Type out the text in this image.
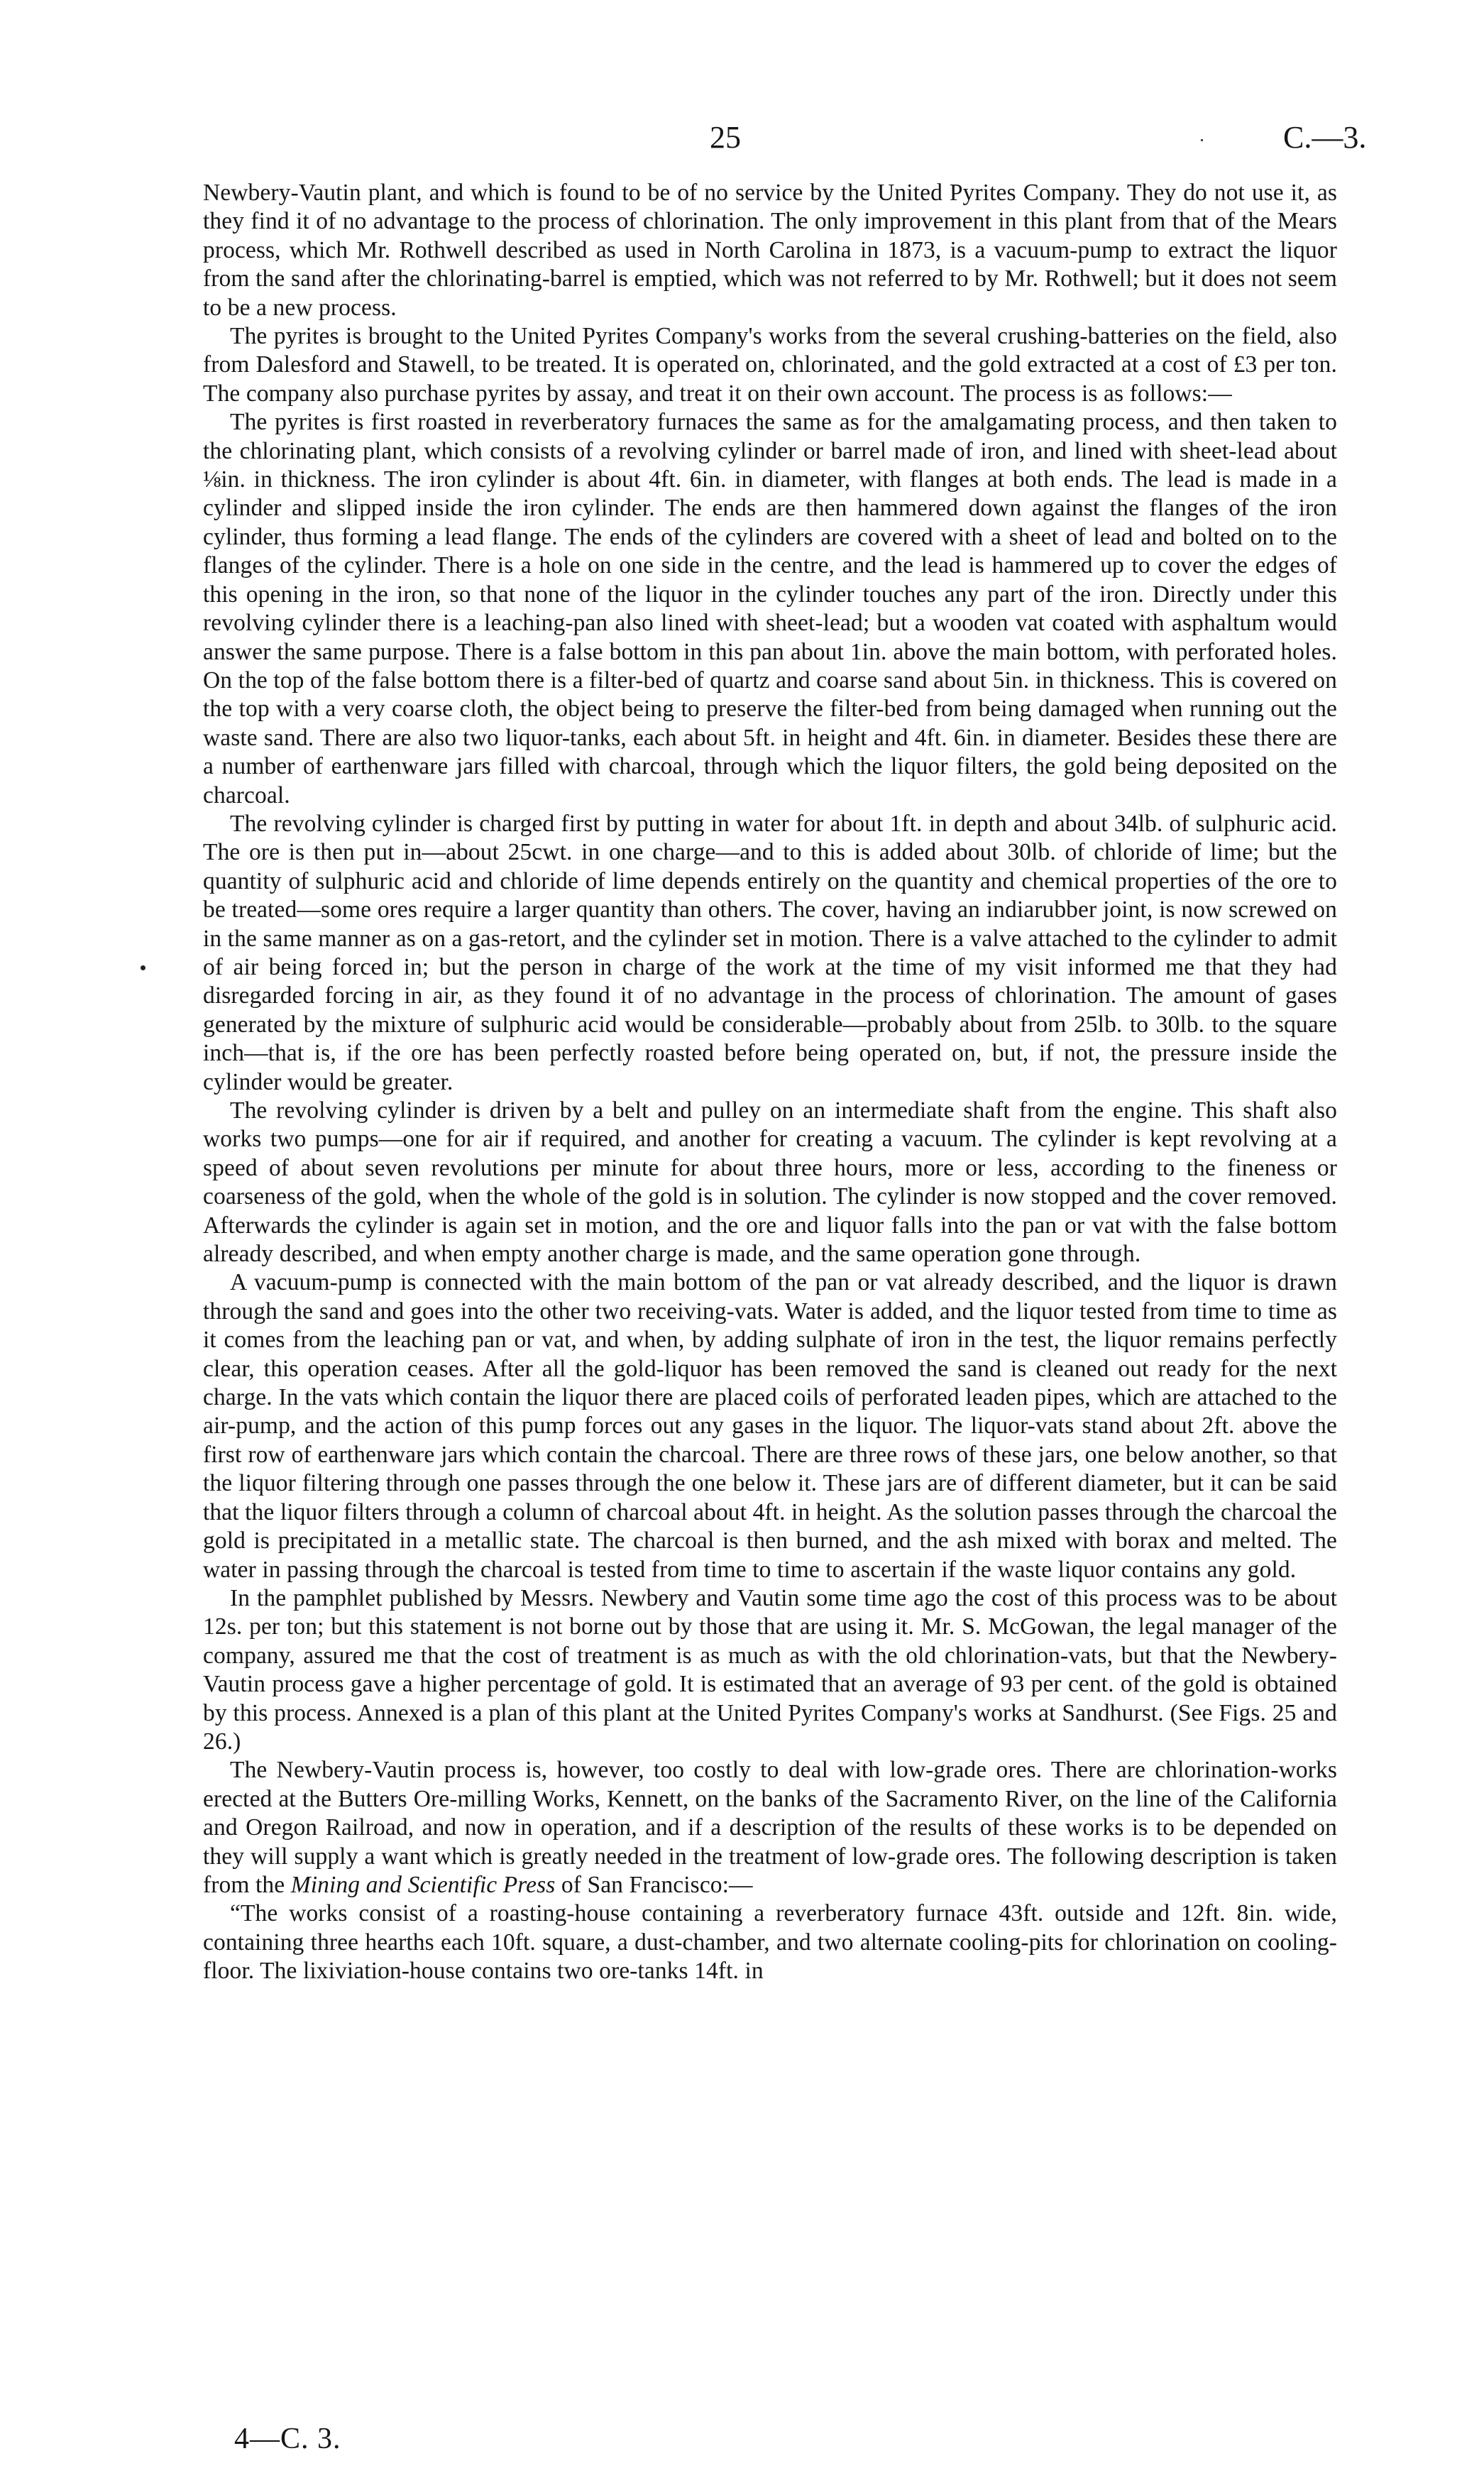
25	C.—3.

Newbery-Vautin plant, and which is found to be of no service by the United Pyrites Company. They do not use it, as they find it of no advantage to the process of chlorination. The only improvement in this plant from that of the Mears process, which Mr. Rothwell described as used in North Carolina in 1873, is a vacuum-pump to extract the liquor from the sand after the chlorinating-barrel is emptied, which was not referred to by Mr. Rothwell; but it does not seem to be a new process.

The pyrites is brought to the United Pyrites Company's works from the several crushing-batteries on the field, also from Dalesford and Stawell, to be treated. It is operated on, chlorinated, and the gold extracted at a cost of £3 per ton. The company also purchase pyrites by assay, and treat it on their own account. The process is as follows:—

The pyrites is first roasted in reverberatory furnaces the same as for the amalgamating process, and then taken to the chlorinating plant, which consists of a revolving cylinder or barrel made of iron, and lined with sheet-lead about ⅛in. in thickness. The iron cylinder is about 4ft. 6in. in diameter, with flanges at both ends. The lead is made in a cylinder and slipped inside the iron cylinder. The ends are then hammered down against the flanges of the iron cylinder, thus forming a lead flange. The ends of the cylinders are covered with a sheet of lead and bolted on to the flanges of the cylinder. There is a hole on one side in the centre, and the lead is hammered up to cover the edges of this opening in the iron, so that none of the liquor in the cylinder touches any part of the iron. Directly under this revolving cylinder there is a leaching-pan also lined with sheet-lead; but a wooden vat coated with asphaltum would answer the same purpose. There is a false bottom in this pan about 1in. above the main bottom, with perforated holes. On the top of the false bottom there is a filter-bed of quartz and coarse sand about 5in. in thickness. This is covered on the top with a very coarse cloth, the object being to preserve the filter-bed from being damaged when running out the waste sand. There are also two liquor-tanks, each about 5ft. in height and 4ft. 6in. in diameter. Besides these there are a number of earthenware jars filled with charcoal, through which the liquor filters, the gold being deposited on the charcoal.

The revolving cylinder is charged first by putting in water for about 1ft. in depth and about 34lb. of sulphuric acid. The ore is then put in—about 25cwt. in one charge—and to this is added about 30lb. of chloride of lime; but the quantity of sulphuric acid and chloride of lime depends entirely on the quantity and chemical properties of the ore to be treated—some ores require a larger quantity than others. The cover, having an indiarubber joint, is now screwed on in the same manner as on a gas-retort, and the cylinder set in motion. There is a valve attached to the cylinder to admit of air being forced in; but the person in charge of the work at the time of my visit informed me that they had disregarded forcing in air, as they found it of no advantage in the process of chlorination. The amount of gases generated by the mixture of sulphuric acid would be considerable—probably about from 25lb. to 30lb. to the square inch—that is, if the ore has been perfectly roasted before being operated on, but, if not, the pressure inside the cylinder would be greater.

The revolving cylinder is driven by a belt and pulley on an intermediate shaft from the engine. This shaft also works two pumps—one for air if required, and another for creating a vacuum. The cylinder is kept revolving at a speed of about seven revolutions per minute for about three hours, more or less, according to the fineness or coarseness of the gold, when the whole of the gold is in solution. The cylinder is now stopped and the cover removed. Afterwards the cylinder is again set in motion, and the ore and liquor falls into the pan or vat with the false bottom already described, and when empty another charge is made, and the same operation gone through.

A vacuum-pump is connected with the main bottom of the pan or vat already described, and the liquor is drawn through the sand and goes into the other two receiving-vats. Water is added, and the liquor tested from time to time as it comes from the leaching pan or vat, and when, by adding sulphate of iron in the test, the liquor remains perfectly clear, this operation ceases. After all the gold-liquor has been removed the sand is cleaned out ready for the next charge. In the vats which contain the liquor there are placed coils of perforated leaden pipes, which are attached to the air-pump, and the action of this pump forces out any gases in the liquor. The liquor-vats stand about 2ft. above the first row of earthenware jars which contain the charcoal. There are three rows of these jars, one below another, so that the liquor filtering through one passes through the one below it. These jars are of different diameter, but it can be said that the liquor filters through a column of charcoal about 4ft. in height. As the solution passes through the charcoal the gold is precipitated in a metallic state. The charcoal is then burned, and the ash mixed with borax and melted. The water in passing through the charcoal is tested from time to time to ascertain if the waste liquor contains any gold.

In the pamphlet published by Messrs. Newbery and Vautin some time ago the cost of this process was to be about 12s. per ton; but this statement is not borne out by those that are using it. Mr. S. McGowan, the legal manager of the company, assured me that the cost of treatment is as much as with the old chlorination-vats, but that the Newbery-Vautin process gave a higher percentage of gold. It is estimated that an average of 93 per cent. of the gold is obtained by this process. Annexed is a plan of this plant at the United Pyrites Company's works at Sandhurst. (See Figs. 25 and 26.)

The Newbery-Vautin process is, however, too costly to deal with low-grade ores. There are chlorination-works erected at the Butters Ore-milling Works, Kennett, on the banks of the Sacramento River, on the line of the California and Oregon Railroad, and now in operation, and if a description of the results of these works is to be depended on they will supply a want which is greatly needed in the treatment of low-grade ores. The following description is taken from the Mining and Scientific Press of San Francisco:—

“The works consist of a roasting-house containing a reverberatory furnace 43ft. outside and 12ft. 8in. wide, containing three hearths each 10ft. square, a dust-chamber, and two alternate cooling-pits for chlorination on cooling-floor. The lixiviation-house contains two ore-tanks 14ft. in

4—C. 3.
